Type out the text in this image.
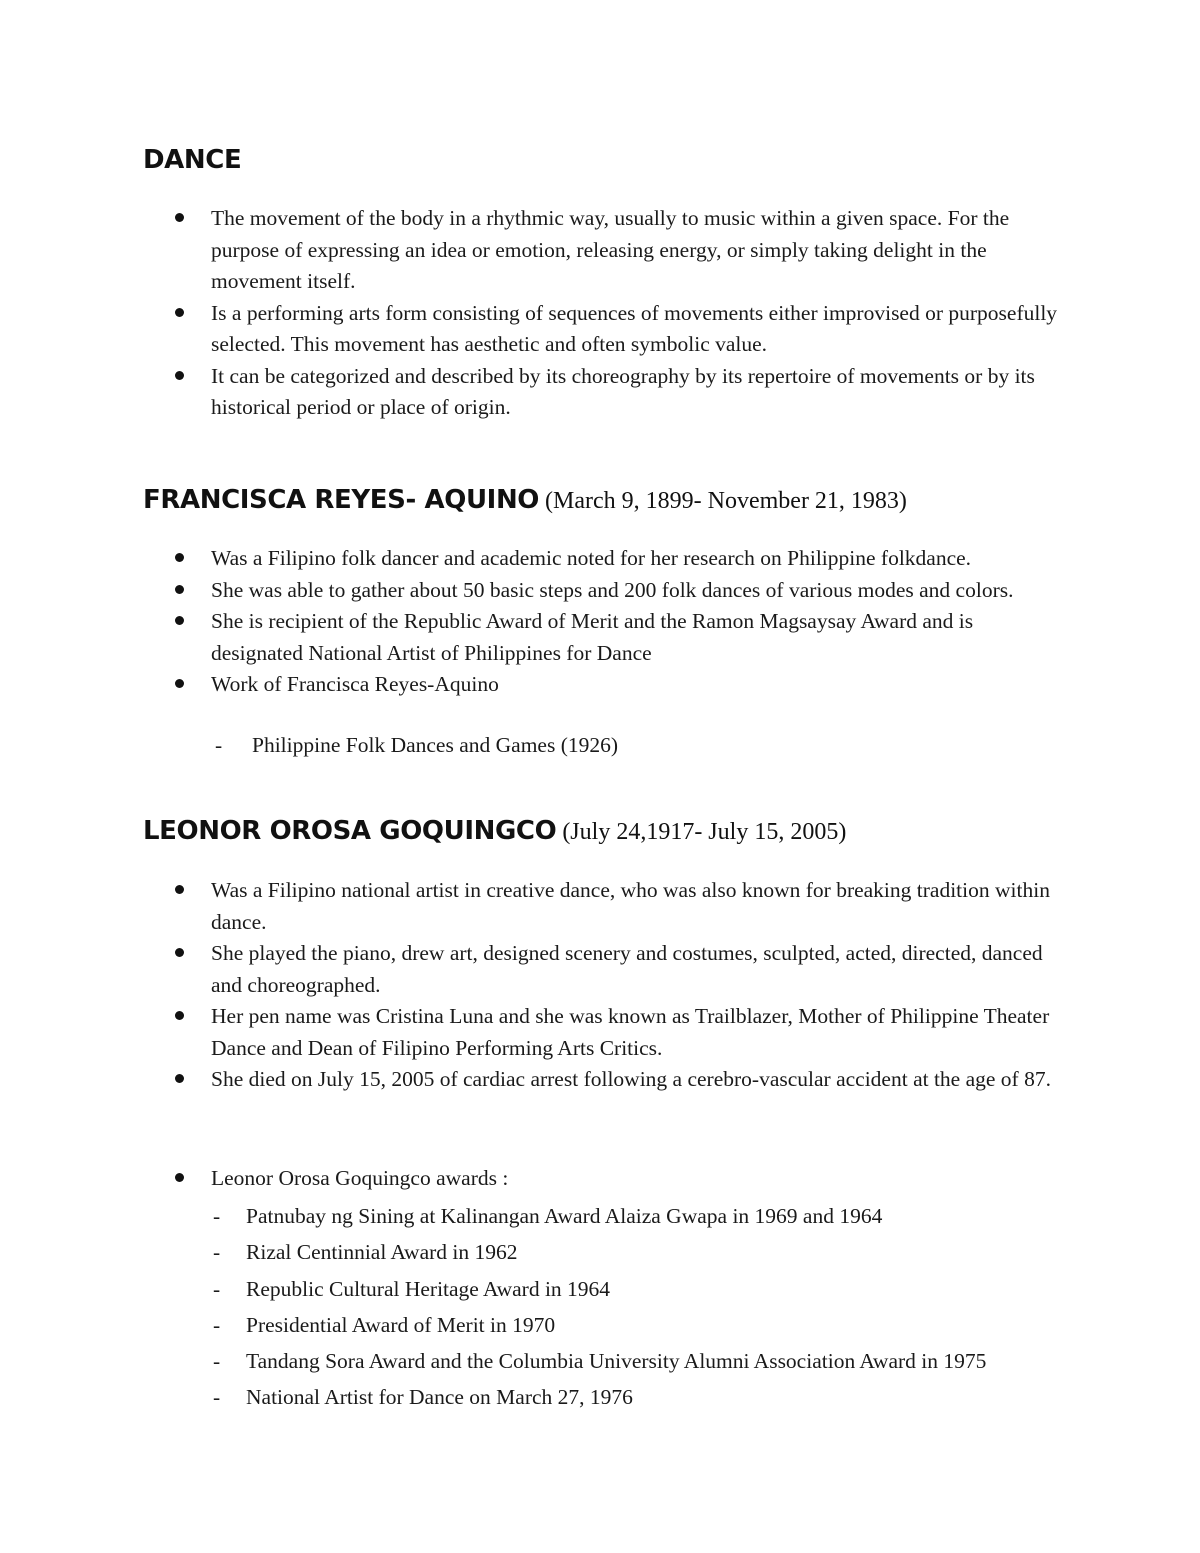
DANCE
The movement of the body in a rhythmic way, usually to music within a given space. For the purpose of expressing an idea or emotion, releasing energy, or simply taking delight in the movement itself.
Is a performing arts form consisting of sequences of movements either improvised or purposefully selected. This movement has aesthetic and often symbolic value.
It can be categorized and described by its choreography by its repertoire of movements or by its historical period or place of origin.
FRANCISCA REYES- AQUINO (March 9, 1899- November 21, 1983)
Was a Filipino folk dancer and academic noted for her research on Philippine folkdance.
She was able to gather about 50 basic steps and 200 folk dances of various modes and colors.
She is recipient of the Republic Award of Merit and the Ramon Magsaysay Award and is designated National Artist of Philippines for Dance
Work of Francisca Reyes-Aquino
- Philippine Folk Dances and Games (1926)
LEONOR OROSA GOQUINGCO (July 24,1917- July 15, 2005)
Was a Filipino national artist in creative dance, who was also known for breaking tradition within dance.
She played the piano, drew art, designed scenery and costumes, sculpted, acted, directed, danced and choreographed.
Her pen name was Cristina Luna and she was known as Trailblazer, Mother of Philippine Theater Dance and Dean of Filipino Performing Arts Critics.
She died on July 15, 2005 of cardiac arrest following a cerebro-vascular accident at the age of 87.
Leonor Orosa Goquingco awards :
- Patnubay ng Sining at Kalinangan Award Alaiza Gwapa in 1969 and 1964
- Rizal Centinnial Award in 1962
- Republic Cultural Heritage Award in 1964
- Presidential Award of Merit in 1970
- Tandang Sora Award and the Columbia University Alumni Association Award in 1975
- National Artist for Dance on March 27, 1976
